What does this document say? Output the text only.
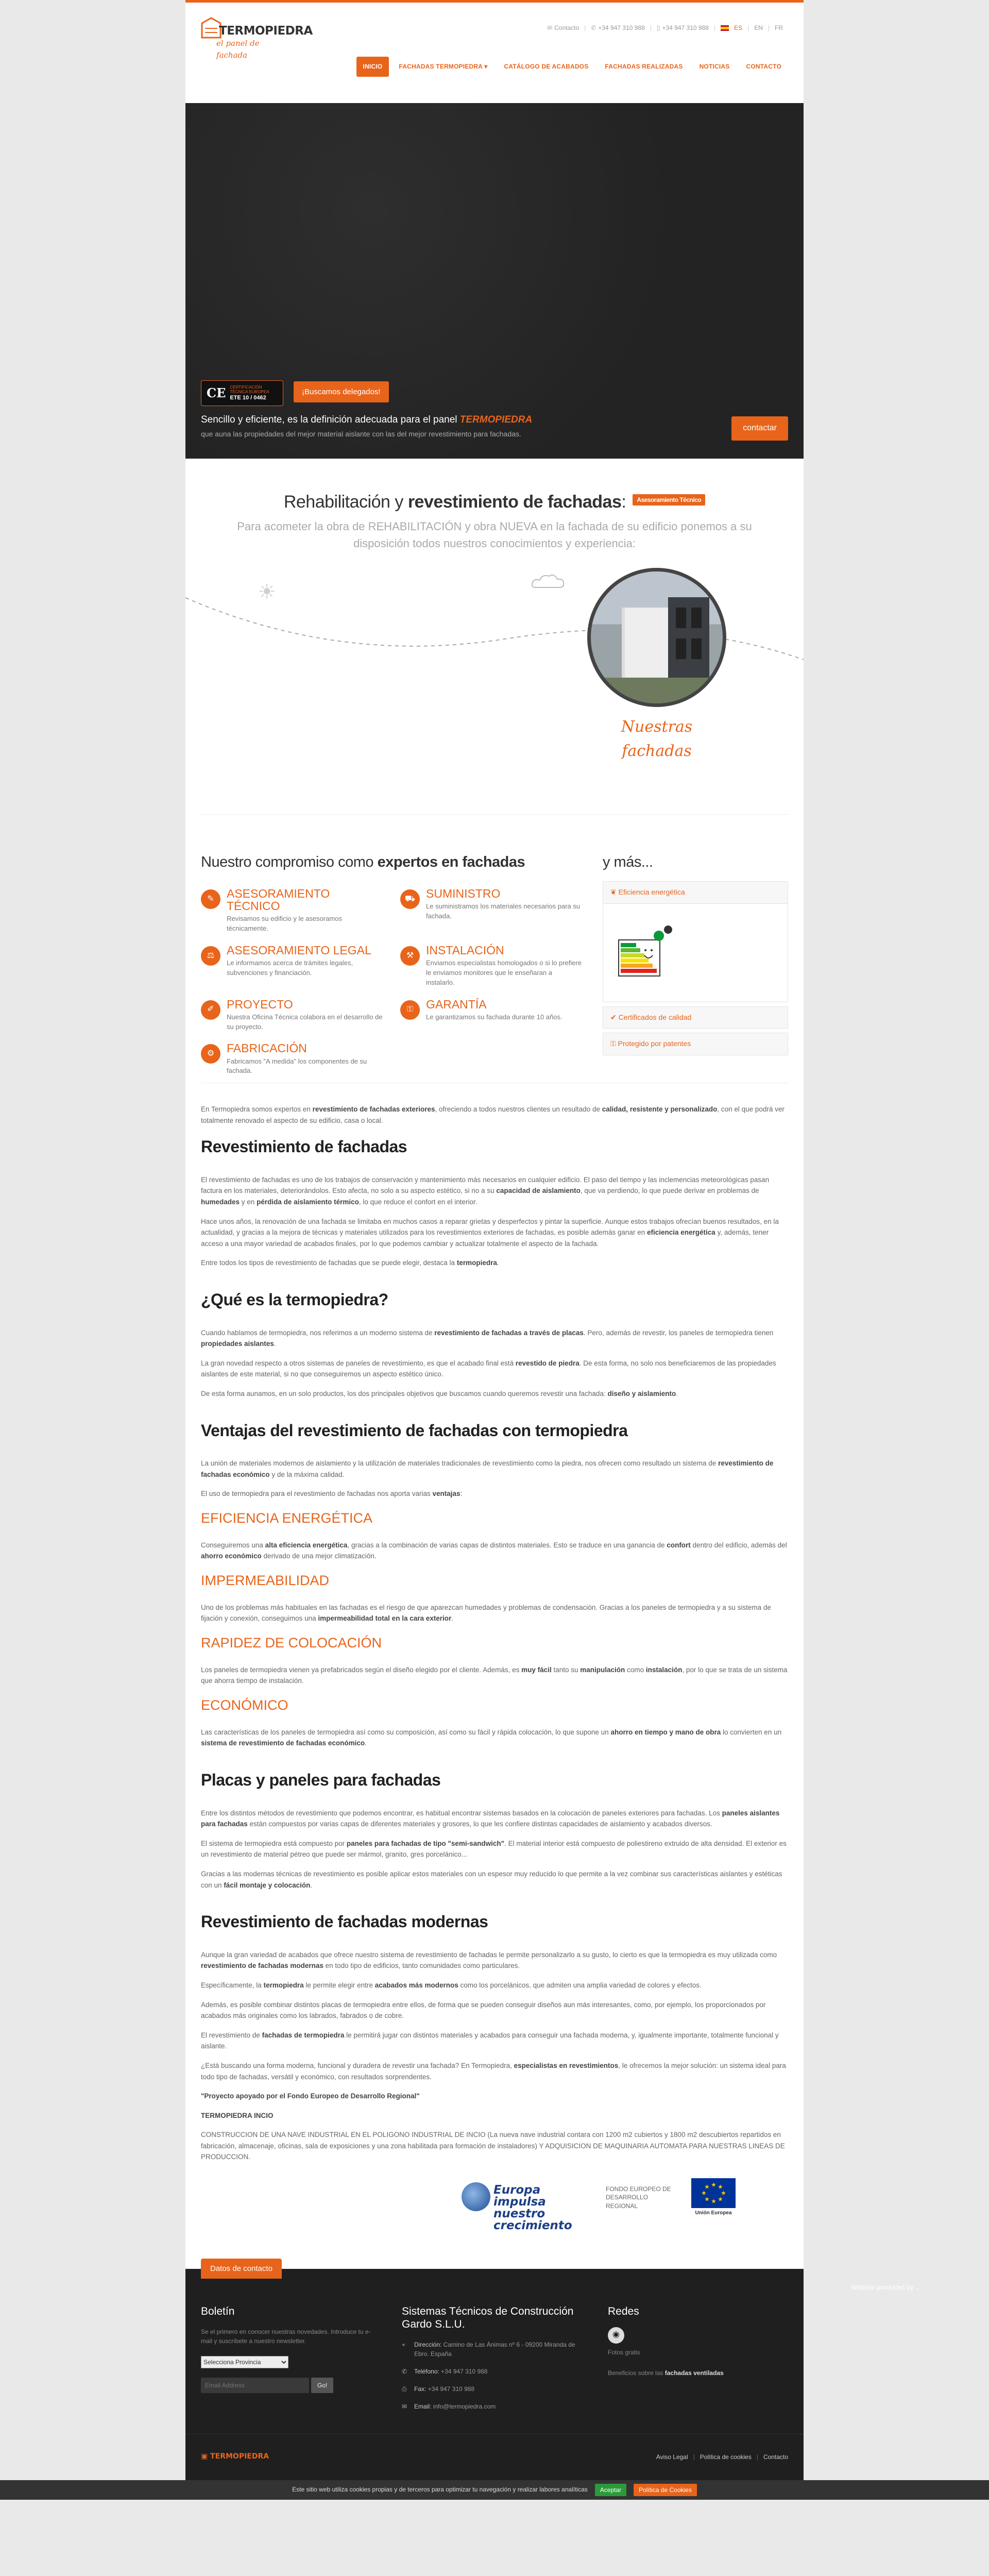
TERMOPIEDRA
el panel de fachada
✉ Contacto | ✆ +34 947 310 988 | ▯ +34 947 310 988 |	ES | EN | FR
INICIO	FACHADAS TERMOPIEDRA ▾	CATÁLOGO DE ACABADOS	FACHADAS REALIZADAS	NOTICIAS	CONTACTO
CE CERTIFICACIÓN TÉCNICA EUROPEA
ETE 10 / 0462
¡Buscamos delegados!
Sencillo y eficiente, es la definición adecuada para el panel TERMOPIEDRA
que auna las propiedades del mejor material aislante con las del mejor revestimiento para fachadas.
contactar
Rehabilitación y revestimiento de fachadas: Asesoramiento Técnico

Para acometer la obra de REHABILITACIÓN y obra NUEVA en la fachada de su edificio ponemos a su disposición todos nuestros conocimientos y experiencia:

☀
Nuestras fachadas
Nuestro compromiso como expertos en fachadas
✎	ASESORAMIENTO TÉCNICO

Revisamos su edificio y le asesoramos técnicamente.

⛟ SUMINISTRO

Le suministramos los materiales necesarios para su fachada.

⚖	ASESORAMIENTO LEGAL

Le informamos acerca de trámites legales, subvenciones y financiación.

⚒	INSTALACIÓN

Enviamos especialistas homologados o si lo prefiere le enviamos monitores que le enseñaran a instalarlo.

✐	PROYECTO

Nuestra Oficina Técnica colabora en el desarrollo de su proyecto.

⚿	GARANTÍA

Le garantizamos su fachada durante 10 años.

⚙	FABRICACIÓN

Fabricamos "A medida" los componentes de su fachada.

y más...
❦ Eficiencia energética
✔ Certificados de calidad
⚿ Protegido por patentes

En Termopiedra somos expertos en revestimiento de fachadas exteriores, ofreciendo a todos nuestros clientes un resultado de calidad, resistente y personalizado, con el que podrá ver totalmente renovado el aspecto de su edificio, casa o local.

Revestimiento de fachadas

El revestimiento de fachadas es uno de los trabajos de conservación y mantenimiento más necesarios en cualquier edificio. El paso del tiempo y las inclemencias meteorológicas pasan factura en los materiales, deteriorándolos. Esto afecta, no solo a su aspecto estético, si no a su capacidad de aislamiento, que va perdiendo, lo que puede derivar en problemas de humedades y en pérdida de aislamiento térmico, lo que reduce el confort en el interior.

Hace unos años, la renovación de una fachada se limitaba en muchos casos a reparar grietas y desperfectos y pintar la superficie. Aunque estos trabajos ofrecían buenos resultados, en la actualidad, y gracias a la mejora de técnicas y materiales utilizados para los revestimientos exteriores de fachadas, es posible además ganar en eficiencia energética y, además, tener acceso a una mayor variedad de acabados finales, por lo que podemos cambiar y actualizar totalmente el aspecto de la fachada.

Entre todos los tipos de revestimiento de fachadas que se puede elegir, destaca la termopiedra.

¿Qué es la termopiedra?

Cuando hablamos de termopiedra, nos referimos a un moderno sistema de revestimiento de fachadas a través de placas. Pero, además de revestir, los paneles de termopiedra tienen propiedades aislantes.

La gran novedad respecto a otros sistemas de paneles de revestimiento, es que el acabado final está revestido de piedra. De esta forma, no solo nos beneficiaremos de las propiedades aislantes de este material, si no que conseguiremos un aspecto estético único.

De esta forma aunamos, en un solo productos, los dos principales objetivos que buscamos cuando queremos revestir una fachada: diseño y aislamiento.

Ventajas del revestimiento de fachadas con termopiedra

La unión de materiales modernos de aislamiento y la utilización de materiales tradicionales de revestimiento como la piedra, nos ofrecen como resultado un sistema de revestimiento de fachadas económico y de la máxima calidad.

El uso de termopiedra para el revestimiento de fachadas nos aporta varias ventajas:

EFICIENCIA ENERGÉTICA

Conseguiremos una alta eficiencia energética, gracias a la combinación de varias capas de distintos materiales. Esto se traduce en una ganancia de confort dentro del edificio, además del ahorro económico derivado de una mejor climatización.

IMPERMEABILIDAD

Uno de los problemas más habituales en las fachadas es el riesgo de que aparezcan humedades y problemas de condensación. Gracias a los paneles de termopiedra y a su sistema de fijación y conexión, conseguimos una impermeabilidad total en la cara exterior.

RAPIDEZ DE COLOCACIÓN

Los paneles de termopiedra vienen ya prefabricados según el diseño elegido por el cliente. Además, es muy fácil tanto su manipulación como instalación, por lo que se trata de un sistema que ahorra tiempo de instalación.

ECONÓMICO

Las características de los paneles de termopiedra así como su composición, así como su fácil y rápida colocación, lo que supone un ahorro en tiempo y mano de obra lo convierten en un sistema de revestimiento de fachadas económico.

Placas y paneles para fachadas

Entre los distintos métodos de revestimiento que podemos encontrar, es habitual encontrar sistemas basados en la colocación de paneles exteriores para fachadas. Los paneles aislantes para fachadas están compuestos por varias capas de diferentes materiales y grosores, lo que les confiere distintas capacidades de aislamiento y acabados diversos.

El sistema de termopiedra está compuesto por paneles para fachadas de tipo "semi-sandwich". El material interior está compuesto de poliestireno extruido de alta densidad. El exterior es un revestimiento de material pétreo que puede ser mármol, granito, gres porcelánico...

Gracias a las modernas técnicas de revestimiento es posible aplicar estos materiales con un espesor muy reducido lo que permite a la vez combinar sus características aislantes y estéticas con un fácil montaje y colocación.

Revestimiento de fachadas modernas

Aunque la gran variedad de acabados que ofrece nuestro sistema de revestimiento de fachadas le permite personalizarlo a su gusto, lo cierto es que la termopiedra es muy utilizada como revestimiento de fachadas modernas en todo tipo de edificios, tanto comunidades como particulares.

Específicamente, la termopiedra le permite elegir entre acabados más modernos como los porcelánicos, que admiten una amplia variedad de colores y efectos.

Además, es posible combinar distintos placas de termopiedra entre ellos, de forma que se pueden conseguir diseños aun más interesantes, como, por ejemplo, los proporcionados por acabados más originales como los labrados, fabrados o de cobre.

El revestimiento de fachadas de termopiedra le permitirá jugar con distintos materiales y acabados para conseguir una fachada moderna, y, igualmente importante, totalmente funcional y aislante.

¿Está buscando una forma moderna, funcional y duradera de revestir una fachada? En Termopiedra, especialistas en revestimientos, le ofrecemos la mejor solución: un sistema ideal para todo tipo de fachadas, versátil y económico, con resultados sorprendentes.

"Proyecto apoyado por el Fondo Europeo de Desarrollo Regional"

TERMOPIEDRA INCIO

CONSTRUCCION DE UNA NAVE INDUSTRIAL EN EL POLIGONO INDUSTRIAL DE INCIO (La nueva nave industrial contara con 1200 m2 cubiertos y 1800 m2 descubiertos repartidos en fabricación, almacenaje, oficinas, sala de exposiciones y una zona habilitada para formación de instaladores) Y ADQUISICION DE MAQUINARIA AUTOMATA PARA NUESTRAS LINEAS DE PRODUCCION.

Europa impulsa nuestro crecimiento
FONDO EUROPEO DE DESARROLLO REGIONAL
★ ★
★
★
★
★
★
★
Unión Europea
Datos de contacto
Boletín

Se el primero en conocer nuestras novedades. Introduce tu e-mail y suscríbete a nuestro newsletter.

Selecciona Provincia
Email Address
Go!
Sistemas Técnicos de Construcción Gardo S.L.U.
⌖	Dirección: Camino de Las Ánimas nº 6 - 09200 Miranda de Ebro. España
✆	Teléfono: +34 947 310 988
⎙	Fax: +34 947 310 988
✉	Email: info@termopiedra.com
Redes
◉

Fotos gratis

Beneficios sobre las fachadas ventiladas

▣ TERMOPIEDRA	Aviso Legal | Política de cookies | Contacto
Este sitio web utiliza cookies propias y de terceros para optimizar tu navegación y realizar labores analíticas	Aceptar	Política de Cookies
Website produced by ...
